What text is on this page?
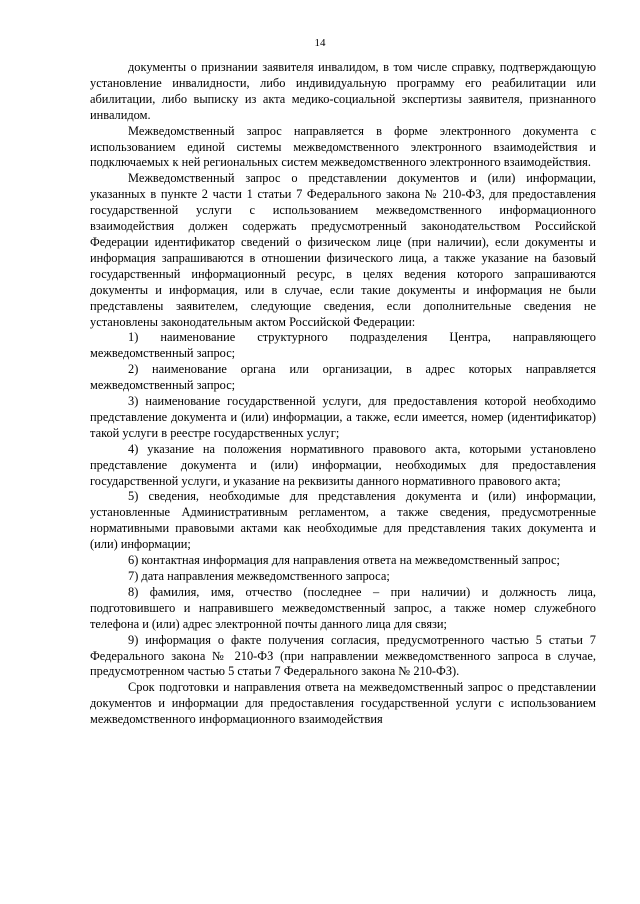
14

документы о признании заявителя инвалидом, в том числе справку, подтверждающую установление инвалидности, либо индивидуальную программу его реабилитации или абилитации, либо выписку из акта медико-социальной экспертизы заявителя, признанного инвалидом.

Межведомственный запрос направляется в форме электронного документа с использованием единой системы межведомственного электронного взаимодействия и подключаемых к ней региональных систем межведомственного электронного взаимодействия.

Межведомственный запрос о представлении документов и (или) информации, указанных в пункте 2 части 1 статьи 7 Федерального закона № 210-ФЗ, для предоставления государственной услуги с использованием межведомственного информационного взаимодействия должен содержать предусмотренный законодательством Российской Федерации идентификатор сведений о физическом лице (при наличии), если документы и информация запрашиваются в отношении физического лица, а также указание на базовый государственный информационный ресурс, в целях ведения которого запрашиваются документы и информация, или в случае, если такие документы и информация не были представлены заявителем, следующие сведения, если дополнительные сведения не установлены законодательным актом Российской Федерации:

1) наименование структурного подразделения Центра, направляющего межведомственный запрос;

2) наименование органа или организации, в адрес которых направляется межведомственный запрос;

3) наименование государственной услуги, для предоставления которой необходимо представление документа и (или) информации, а также, если имеется, номер (идентификатор) такой услуги в реестре государственных услуг;

4) указание на положения нормативного правового акта, которыми установлено представление документа и (или) информации, необходимых для предоставления государственной услуги, и указание на реквизиты данного нормативного правового акта;

5) сведения, необходимые для представления документа и (или) информации, установленные Административным регламентом, а также сведения, предусмотренные нормативными правовыми актами как необходимые для представления таких документа и (или) информации;

6) контактная информация для направления ответа на межведомственный запрос;

7) дата направления межведомственного запроса;

8) фамилия, имя, отчество (последнее – при наличии) и должность лица, подготовившего и направившего межведомственный запрос, а также номер служебного телефона и (или) адрес электронной почты данного лица для связи;

9) информация о факте получения согласия, предусмотренного частью 5 статьи 7 Федерального закона № 210-ФЗ (при направлении межведомственного запроса в случае, предусмотренном частью 5 статьи 7 Федерального закона № 210-ФЗ).

Срок подготовки и направления ответа на межведомственный запрос о представлении документов и информации для предоставления государственной услуги с использованием межведомственного информационного взаимодействия
